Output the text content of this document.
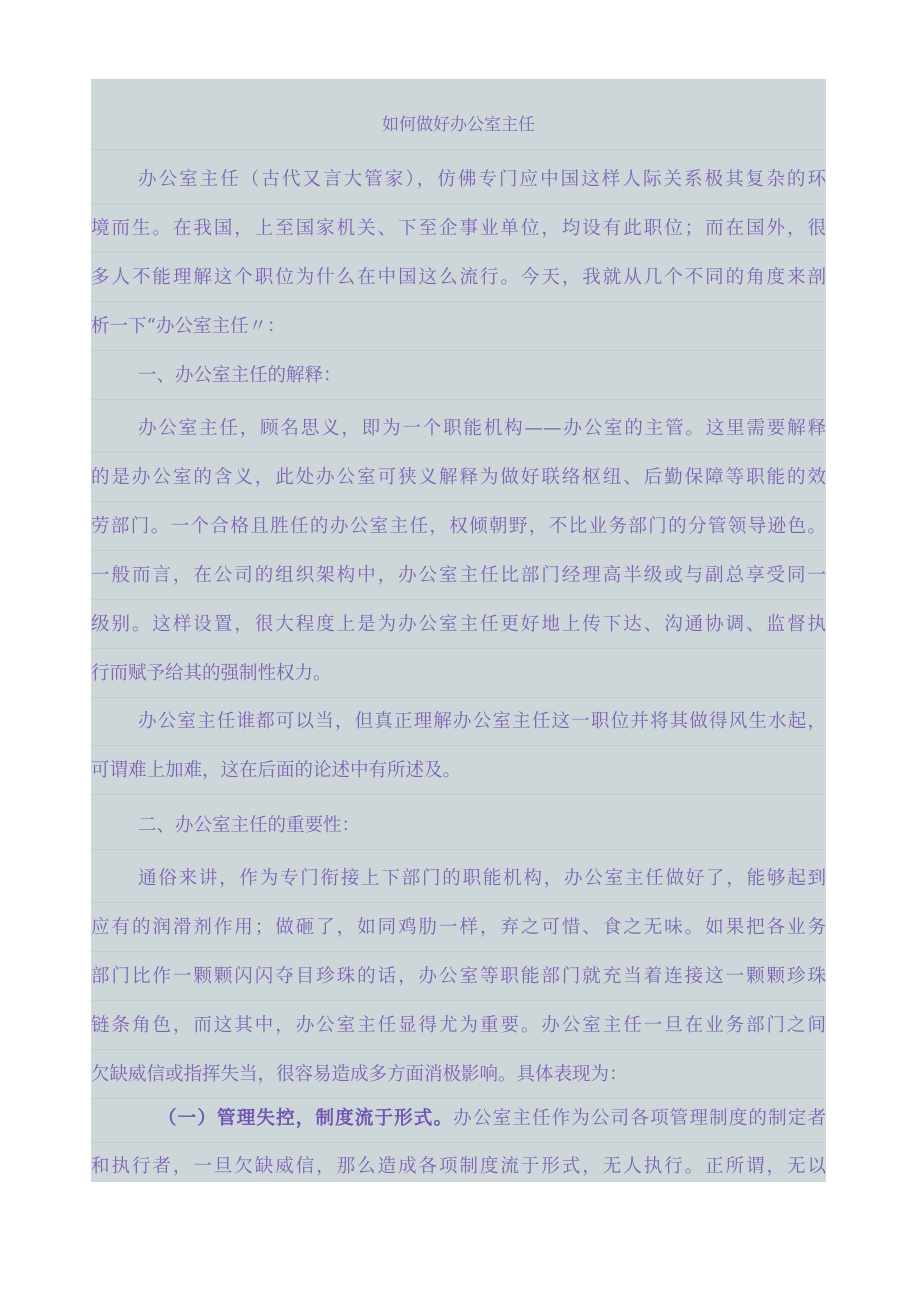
如何做好办公室主任
办公室主任（古代又言大管家），仿佛专门应中国这样人际关系极其复杂的环
境而生。在我国，上至国家机关、下至企事业单位，均设有此职位；而在国外，很
多人不能理解这个职位为什么在中国这么流行。今天，我就从几个不同的角度来剖
析一下“办公室主任〃：
一、办公室主任的解释：
办公室主任，顾名思义，即为一个职能机构——办公室的主管。这里需要解释
的是办公室的含义，此处办公室可狭义解释为做好联络枢纽、后勤保障等职能的效
劳部门。一个合格且胜任的办公室主任，权倾朝野，不比业务部门的分管领导逊色。
一般而言，在公司的组织架构中，办公室主任比部门经理高半级或与副总享受同一
级别。这样设置，很大程度上是为办公室主任更好地上传下达、沟通协调、监督执
行而赋予给其的强制性权力。
办公室主任谁都可以当，但真正理解办公室主任这一职位并将其做得风生水起，
可谓难上加难，这在后面的论述中有所述及。
二、办公室主任的重要性：
通俗来讲，作为专门衔接上下部门的职能机构，办公室主任做好了，能够起到
应有的润滑剂作用；做砸了，如同鸡肋一样，弃之可惜、食之无味。如果把各业务
部门比作一颗颗闪闪夺目珍珠的话，办公室等职能部门就充当着连接这一颗颗珍珠
链条角色，而这其中，办公室主任显得尤为重要。办公室主任一旦在业务部门之间
欠缺威信或指挥失当，很容易造成多方面消极影响。具体表现为：
（一）管理失控，制度流于形式。办公室主任作为公司各项管理制度的制定者
和执行者，一旦欠缺威信，那么造成各项制度流于形式，无人执行。正所谓，无以
